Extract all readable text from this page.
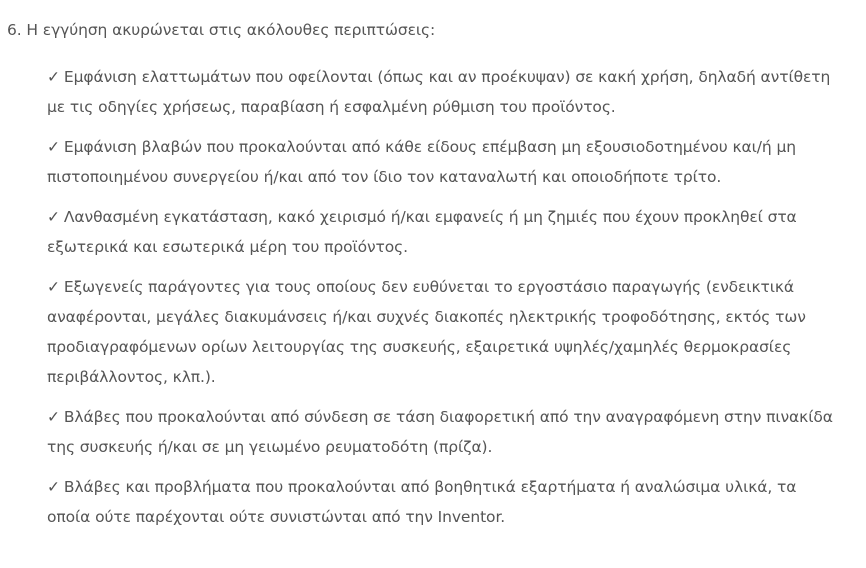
6. Η εγγύηση ακυρώνεται στις ακόλουθες περιπτώσεις:

✓ Εμφάνιση ελαττωμάτων που οφείλονται (όπως και αν προέκυψαν) σε κακή χρήση, δηλαδή αντίθετη με τις οδηγίες χρήσεως, παραβίαση ή εσφαλμένη ρύθμιση του προϊόντος.
✓ Εμφάνιση βλαβών που προκαλούνται από κάθε είδους επέμβαση μη εξουσιοδοτημένου και/ή μη πιστοποιημένου συνεργείου ή/και από τον ίδιο τον καταναλωτή και οποιοδήποτε τρίτο.
✓ Λανθασμένη εγκατάσταση, κακό χειρισμό ή/και εμφανείς ή μη ζημιές που έχουν προκληθεί στα εξωτερικά και εσωτερικά μέρη του προϊόντος.
✓ Εξωγενείς παράγοντες για τους οποίους δεν ευθύνεται το εργοστάσιο παραγωγής (ενδεικτικά αναφέρονται, μεγάλες διακυμάνσεις ή/και συχνές διακοπές ηλεκτρικής τροφοδότησης, εκτός των προδιαγραφόμενων ορίων λειτουργίας της συσκευής, εξαιρετικά υψηλές/χαμηλές θερμοκρασίες περιβάλλοντος, κλπ.).
✓ Βλάβες που προκαλούνται από σύνδεση σε τάση διαφορετική από την αναγραφόμενη στην πινακίδα της συσκευής ή/και σε μη γειωμένο ρευματοδότη (πρίζα).
✓ Βλάβες και προβλήματα που προκαλούνται από βοηθητικά εξαρτήματα ή αναλώσιμα υλικά, τα οποία ούτε παρέχονται ούτε συνιστώνται από την Inventor.
